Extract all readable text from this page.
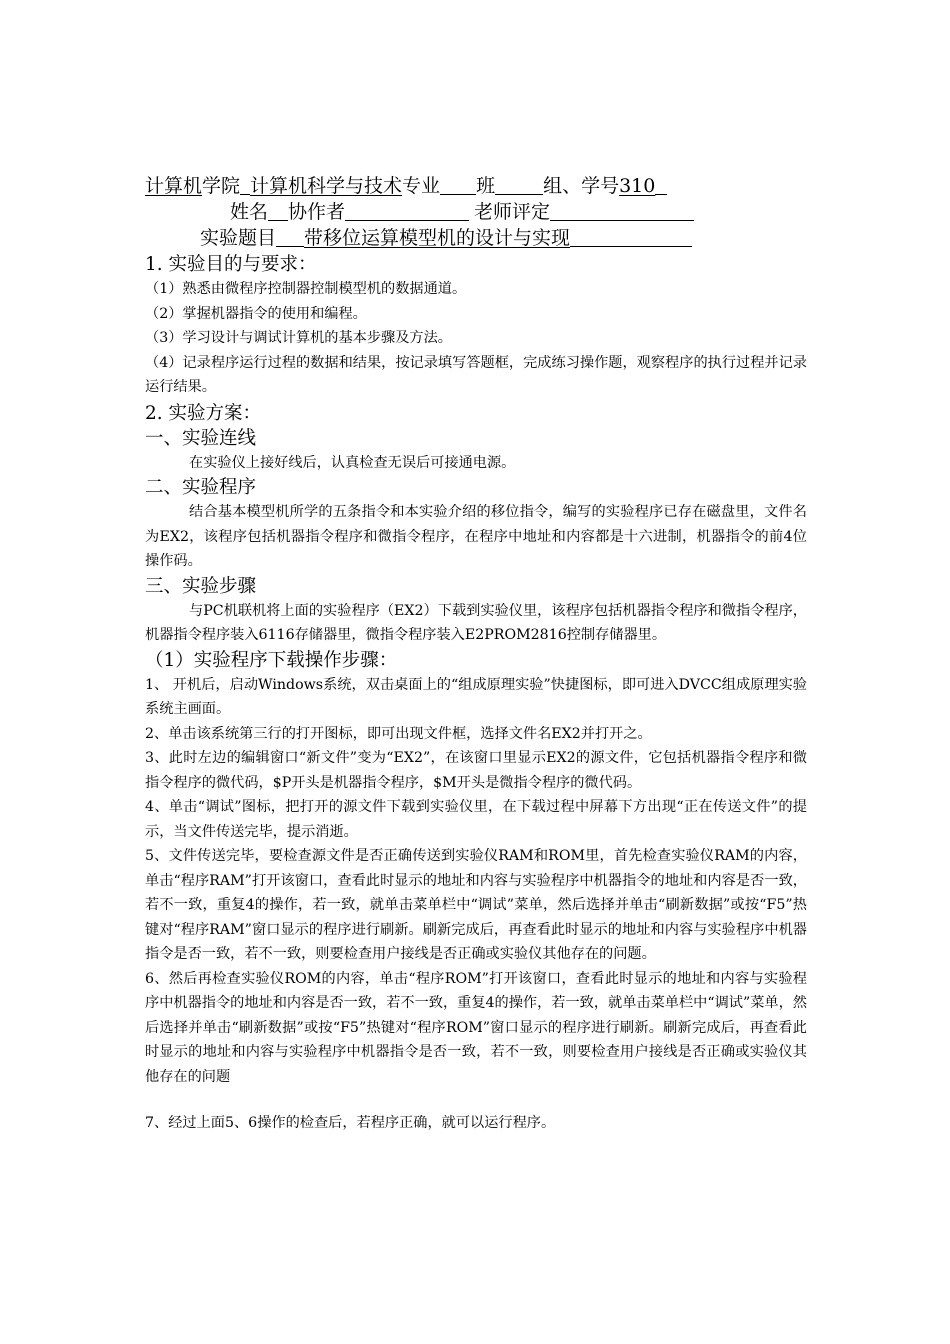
计算机学院 计算机科学与技术专业 班	组、学号310
姓名 协作者	老师评定
实验题目 带移位运算模型机的设计与实现
1. 实验目的与要求：

（1）熟悉由微程序控制器控制模型机的数据通道。

（2）掌握机器指令的使用和编程。

（3）学习设计与调试计算机的基本步骤及方法。

（4）记录程序运行过程的数据和结果，按记录填写答题框，完成练习操作题，观察程序的执行过程并记录运行结果。

2. 实验方案：
一、实验连线

在实验仪上接好线后，认真检查无误后可接通电源。

二、实验程序

结合基本模型机所学的五条指令和本实验介绍的移位指令，编写的实验程序已存在磁盘里，文件名为EX2，该程序包括机器指令程序和微指令程序，在程序中地址和内容都是十六进制，机器指令的前4位操作码。

三、实验步骤

与PC机联机将上面的实验程序（EX2）下载到实验仪里，该程序包括机器指令程序和微指令程序，机器指令程序装入6116存储器里，微指令程序装入E2PROM2816控制存储器里。

（1）实验程序下载操作步骤：

1、 开机后，启动Windows系统，双击桌面上的“组成原理实验”快捷图标，即可进入DVCC组成原理实验系统主画面。

2、单击该系统第三行的打开图标，即可出现文件框，选择文件名EX2并打开之。

3、此时左边的编辑窗口“新文件”变为“EX2”，在该窗口里显示EX2的源文件，它包括机器指令程序和微指令程序的微代码，$P开头是机器指令程序，$M开头是微指令程序的微代码。

4、单击“调试”图标，把打开的源文件下载到实验仪里，在下载过程中屏幕下方出现“正在传送文件”的提示，当文件传送完毕，提示消逝。

5、文件传送完毕，要检查源文件是否正确传送到实验仪RAM和ROM里，首先检查实验仪RAM的内容，单击“程序RAM”打开该窗口，查看此时显示的地址和内容与实验程序中机器指令的地址和内容是否一致，若不一致，重复4的操作，若一致，就单击菜单栏中“调试”菜单，然后选择并单击“刷新数据”或按“F5”热键对“程序RAM”窗口显示的程序进行刷新。刷新完成后，再查看此时显示的地址和内容与实验程序中机器指令是否一致，若不一致，则要检查用户接线是否正确或实验仪其他存在的问题。

6、然后再检查实验仪ROM的内容，单击“程序ROM”打开该窗口，查看此时显示的地址和内容与实验程序中机器指令的地址和内容是否一致，若不一致，重复4的操作，若一致，就单击菜单栏中“调试”菜单，然后选择并单击“刷新数据”或按“F5”热键对“程序ROM”窗口显示的程序进行刷新。刷新完成后，再查看此时显示的地址和内容与实验程序中机器指令是否一致，若不一致，则要检查用户接线是否正确或实验仪其他存在的问题

7、经过上面5、6操作的检查后，若程序正确，就可以运行程序。
